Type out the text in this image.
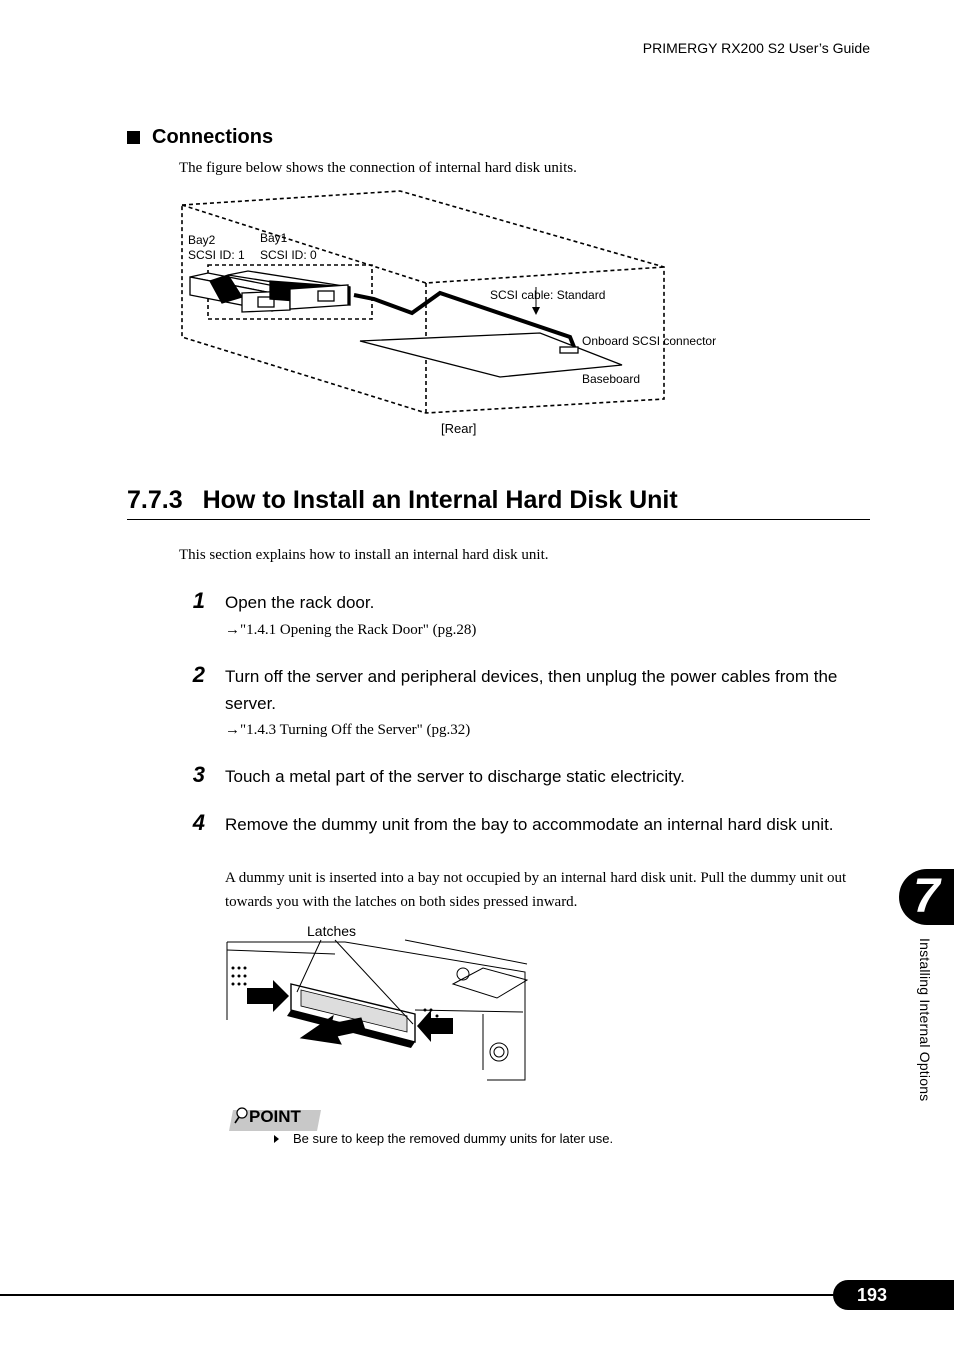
PRIMERGY RX200 S2 User’s Guide
Connections
The figure below shows the connection of internal hard disk units.
Bay2
SCSI ID: 1
Bay1
SCSI ID: 0
SCSI cable: Standard
Onboard SCSI connector
Baseboard
[Rear]
7.7.3 How to Install an Internal Hard Disk Unit
This section explains how to install an internal hard disk unit.
1 Open the rack door.
→"1.4.1 Opening the Rack Door" (pg.28)
2 Turn off the server and peripheral devices, then unplug the power cables from the server.
→"1.4.3 Turning Off the Server" (pg.32)
3 Touch a metal part of the server to discharge static electricity.
4 Remove the dummy unit from the bay to accommodate an internal hard disk unit.
A dummy unit is inserted into a bay not occupied by an internal hard disk unit. Pull the dummy unit out towards you with the latches on both sides pressed inward.
Latches
POINT
Be sure to keep the removed dummy units for later use.
7
Installing Internal Options
193
